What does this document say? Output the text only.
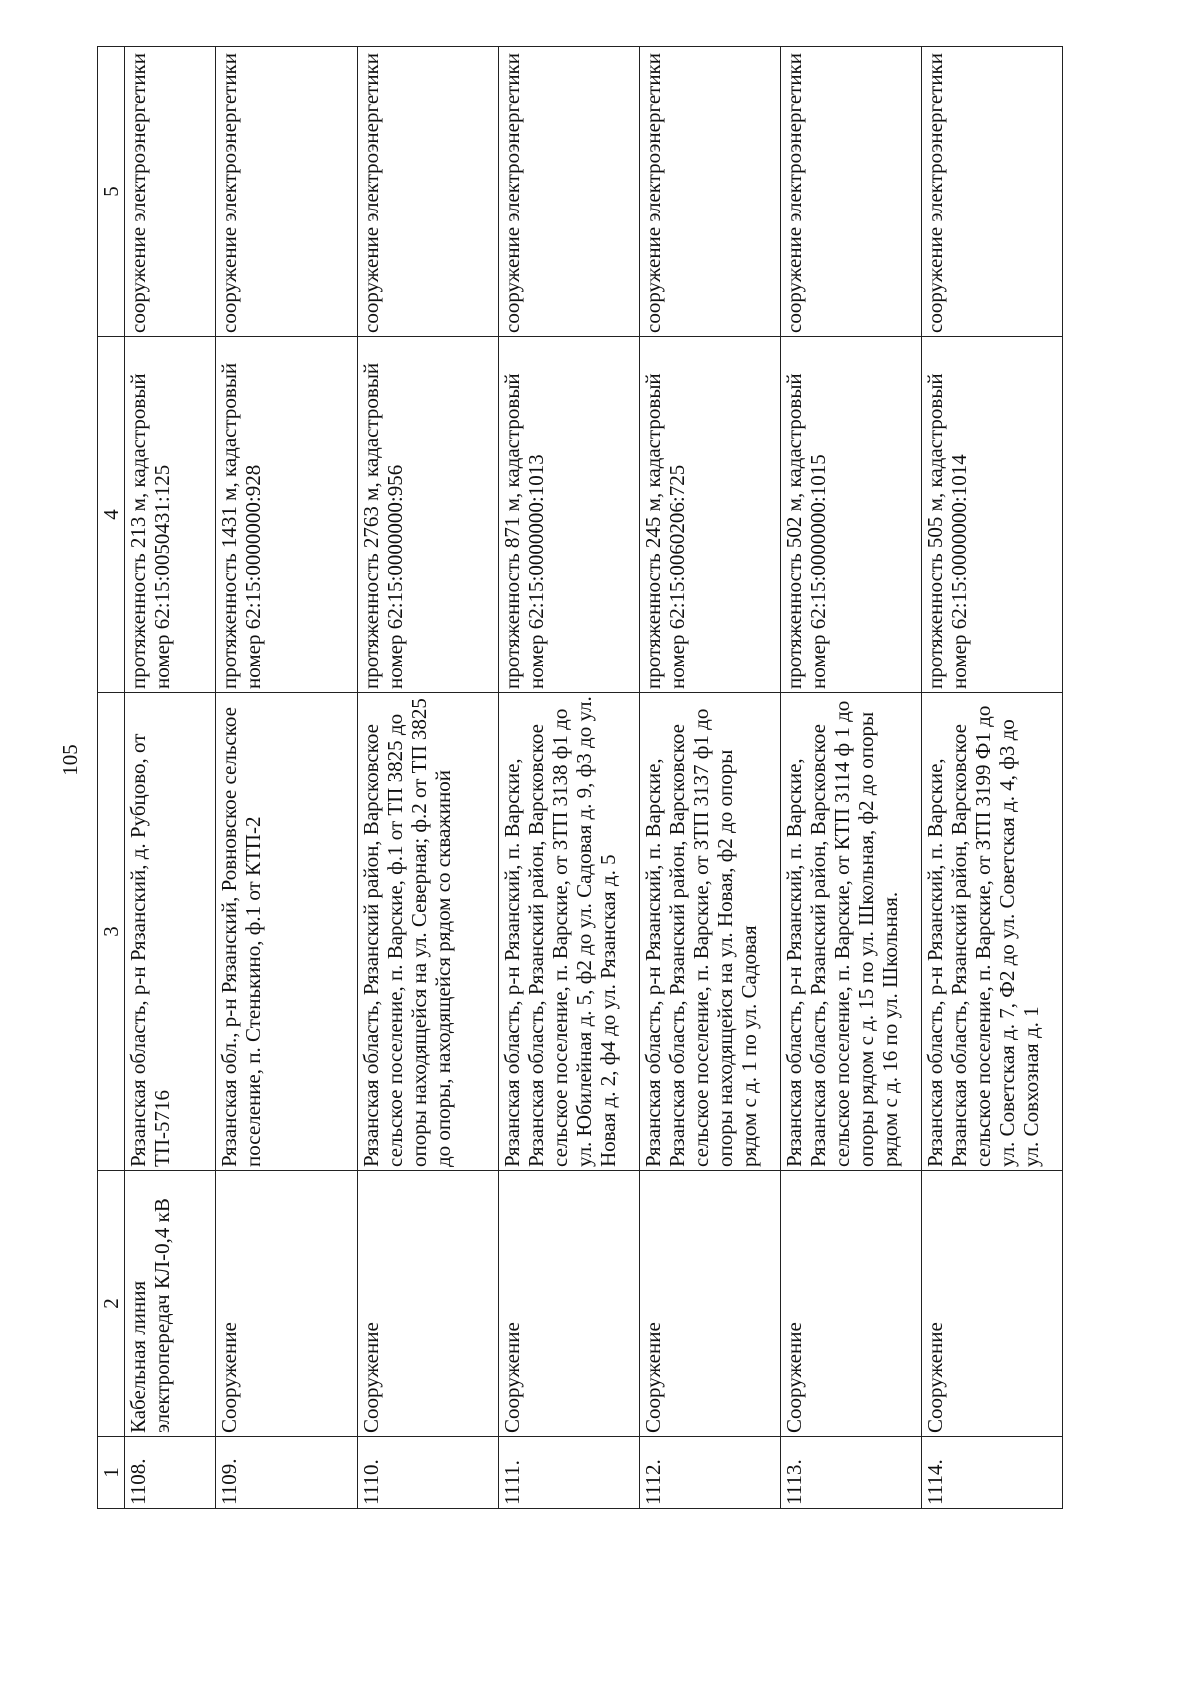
105
1	2	3	4	5
1108.	Кабельная линия электропередач КЛ-0,4 кВ	Рязанская область, р-н Рязанский, д. Рубцово, от ТП-5716	протяженность 213 м, кадастровый номер 62:15:0050431:125	сооружение электроэнергетики
1109.	Сооружение	Рязанская обл., р-н Рязанский, Ровновское сельское поселение, п. Стенькино, ф.1 от КТП-2	протяженность 1431 м, кадастровый номер 62:15:0000000:928	сооружение электроэнергетики
1110.	Сооружение	Рязанская область, Рязанский район, Варсковское сельское поселение, п. Варские, ф.1 от ТП 3825 до опоры находящейся на ул. Северная; ф.2 от ТП 3825 до опоры, находящейся рядом со скважиной	протяженность 2763 м, кадастровый номер 62:15:0000000:956	сооружение электроэнергетики
1111.	Сооружение	Рязанская область, р-н Рязанский, п. Варские, Рязанская область, Рязанский район, Варсковское сельское поселение, п. Варские, от ЗТП 3138 ф1 до ул. Юбилейная д. 5, ф2 до ул. Садовая д. 9, ф3 до ул. Новая д. 2, ф4 до ул. Рязанская д. 5	протяженность 871 м, кадастровый номер 62:15:0000000:1013	сооружение электроэнергетики
1112.	Сооружение	Рязанская область, р-н Рязанский, п. Варские, Рязанская область, Рязанский район, Варсковское сельское поселение, п. Варские, от ЗТП 3137 ф1 до опоры находящейся на ул. Новая, ф2 до опоры рядом с д. 1 по ул. Садовая	протяженность 245 м, кадастровый номер 62:15:0060206:725	сооружение электроэнергетики
1113.	Сооружение	Рязанская область, р-н Рязанский, п. Варские, Рязанская область, Рязанский район, Варсковское сельское поселение, п. Варские, от КТП 3114 ф 1 до опоры рядом с д. 15 по ул. Школьная, ф2 до опоры рядом с д. 16 по ул. Школьная.	протяженность 502 м, кадастровый номер 62:15:0000000:1015	сооружение электроэнергетики
1114.	Сооружение	Рязанская область, р-н Рязанский, п. Варские, Рязанская область, Рязанский район, Варсковское сельское поселение, п. Варские, от ЗТП 3199 Ф1 до ул. Советская д. 7, Ф2 до ул. Советская д. 4, ф3 до ул. Совхозная д. 1	протяженность 505 м, кадастровый номер 62:15:0000000:1014	сооружение электроэнергетики
